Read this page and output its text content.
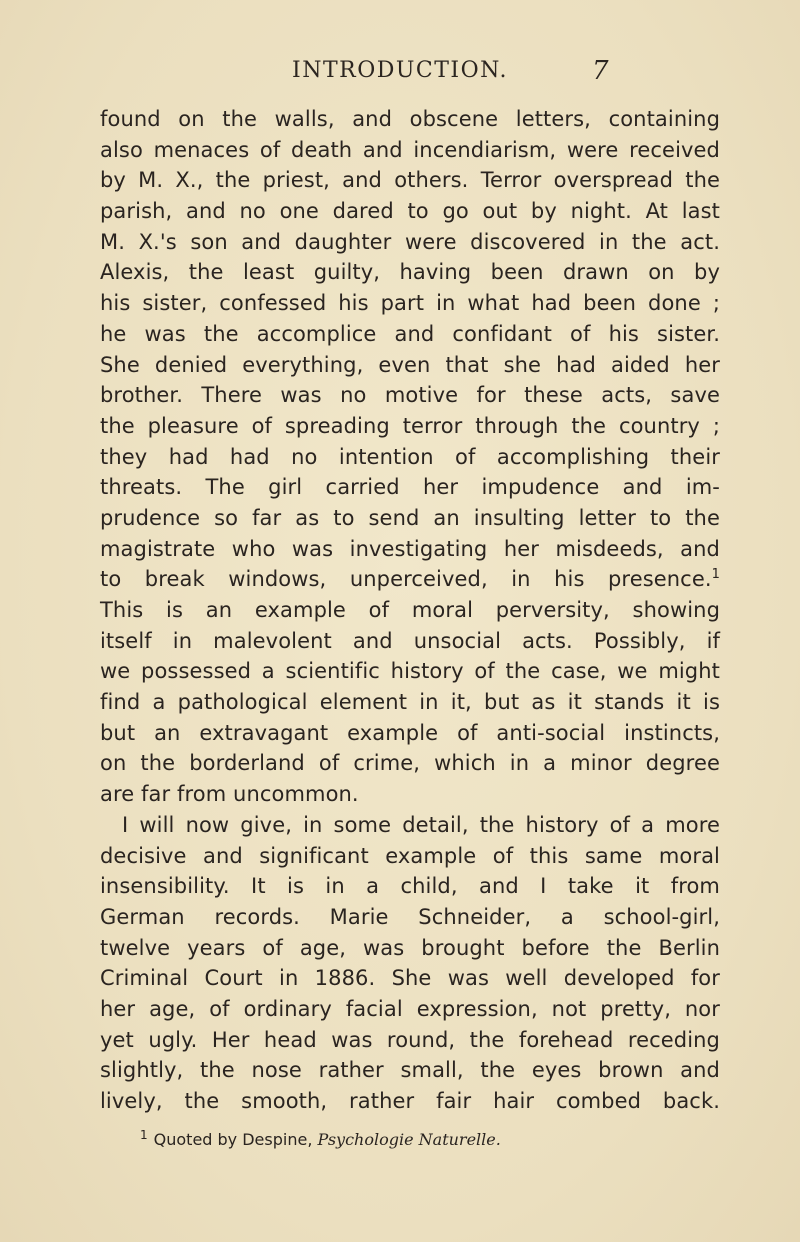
INTRODUCTION.	7
found on the walls, and obscene letters, containing
also menaces of death and incendiarism, were received
by M. X., the priest, and others. Terror overspread the
parish, and no one dared to go out by night. At last
M. X.'s son and daughter were discovered in the act.
Alexis, the least guilty, having been drawn on by
his sister, confessed his part in what had been done ;
he was the accomplice and confidant of his sister.
She denied everything, even that she had aided her
brother. There was no motive for these acts, save
the pleasure of spreading terror through the country ;
they had had no intention of accomplishing their
threats. The girl carried her impudence and im-
prudence so far as to send an insulting letter to the
magistrate who was investigating her misdeeds, and
to break windows, unperceived, in his presence.$^1$
This is an example of moral perversity, showing
itself in malevolent and unsocial acts. Possibly, if
we possessed a scientific history of the case, we might
find a pathological element in it, but as it stands it is
but an extravagant example of anti-social instincts,
on the borderland of crime, which in a minor degree
are far from uncommon.
I will now give, in some detail, the history of a more
decisive and significant example of this same moral
insensibility. It is in a child, and I take it from
German records. Marie Schneider, a school-girl,
twelve years of age, was brought before the Berlin
Criminal Court in 1886. She was well developed for
her age, of ordinary facial expression, not pretty, nor
yet ugly. Her head was round, the forehead receding
slightly, the nose rather small, the eyes brown and
lively, the smooth, rather fair hair combed back.
$^1$ Quoted by Despine, Psychologie Naturelle.
